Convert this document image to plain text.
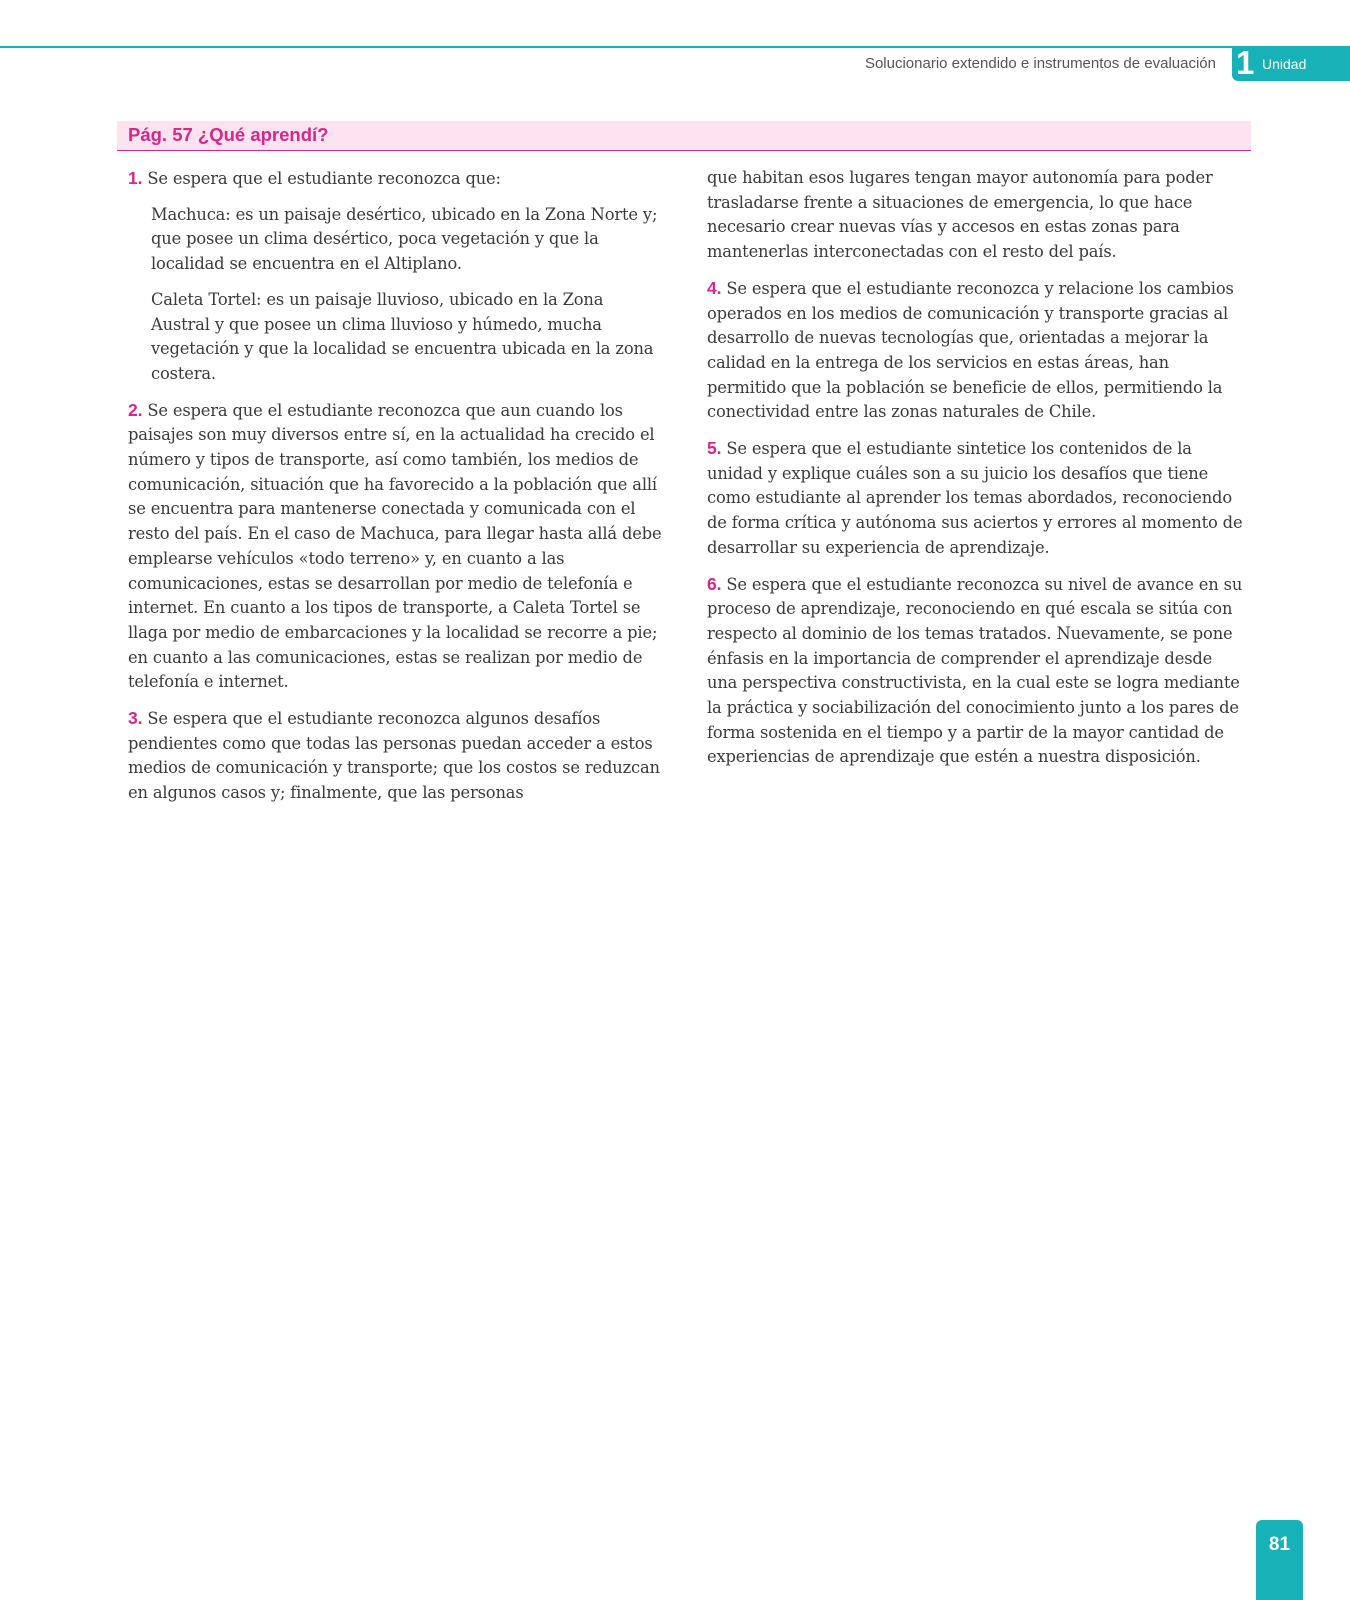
Solucionario extendido e instrumentos de evaluación 1 Unidad
Pág. 57 ¿Qué aprendí?

1. Se espera que el estudiante reconozca que:

Machuca: es un paisaje desértico, ubicado en la Zona Norte y; que posee un clima desértico, poca vegetación y que la localidad se encuentra en el Altiplano.

Caleta Tortel: es un paisaje lluvioso, ubicado en la Zona Austral y que posee un clima lluvioso y húmedo, mucha vegetación y que la localidad se encuentra ubicada en la zona costera.

2. Se espera que el estudiante reconozca que aun cuando los paisajes son muy diversos entre sí, en la actualidad ha crecido el número y tipos de transporte, así como también, los medios de comunicación, situación que ha favorecido a la población que allí se encuentra para mantenerse conectada y comunicada con el resto del país. En el caso de Machuca, para llegar hasta allá debe emplearse vehículos «todo terreno» y, en cuanto a las comunicaciones, estas se desarrollan por medio de telefonía e internet. En cuanto a los tipos de transporte, a Caleta Tortel se llaga por medio de embarcaciones y la localidad se recorre a pie; en cuanto a las comunicaciones, estas se realizan por medio de telefonía e internet.

3. Se espera que el estudiante reconozca algunos desafíos pendientes como que todas las personas puedan acceder a estos medios de comunicación y transporte; que los costos se reduzcan en algunos casos y; finalmente, que las personas

que habitan esos lugares tengan mayor autonomía para poder trasladarse frente a situaciones de emergencia, lo que hace necesario crear nuevas vías y accesos en estas zonas para mantenerlas interconectadas con el resto del país.

4. Se espera que el estudiante reconozca y relacione los cambios operados en los medios de comunicación y transporte gracias al desarrollo de nuevas tecnologías que, orientadas a mejorar la calidad en la entrega de los servicios en estas áreas, han permitido que la población se beneficie de ellos, permitiendo la conectividad entre las zonas naturales de Chile.

5. Se espera que el estudiante sintetice los contenidos de la unidad y explique cuáles son a su juicio los desafíos que tiene como estudiante al aprender los temas abordados, reconociendo de forma crítica y autónoma sus aciertos y errores al momento de desarrollar su experiencia de aprendizaje.

6. Se espera que el estudiante reconozca su nivel de avance en su proceso de aprendizaje, reconociendo en qué escala se sitúa con respecto al dominio de los temas tratados. Nuevamente, se pone énfasis en la importancia de comprender el aprendizaje desde una perspectiva constructivista, en la cual este se logra mediante la práctica y sociabilización del conocimiento junto a los pares de forma sostenida en el tiempo y a partir de la mayor cantidad de experiencias de aprendizaje que estén a nuestra disposición.

81
